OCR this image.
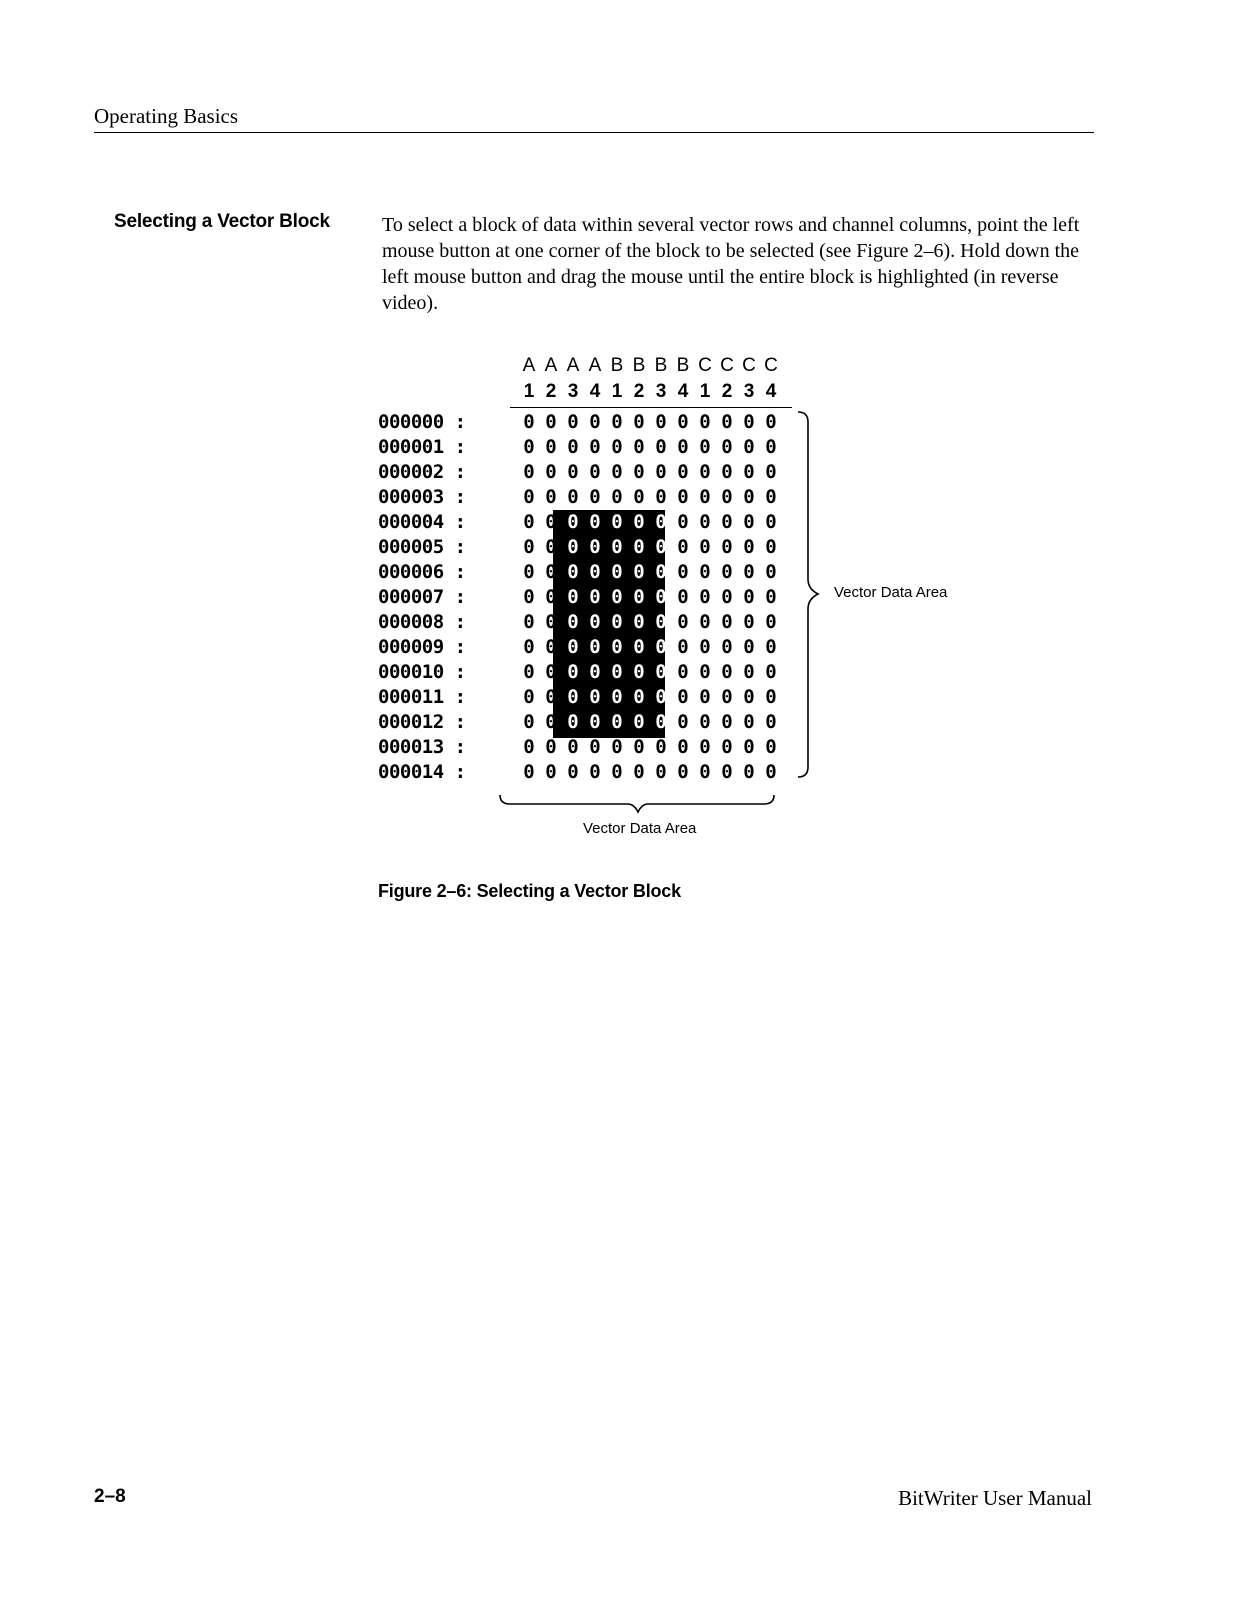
Operating Basics
Selecting a Vector Block	To select a block of data within several vector rows and channel columns, point the left mouse button at one corner of the block to be selected (see Figure 2–6). Hold down the left mouse button and drag the mouse until the entire block is highlighted (in reverse video).
A A A A B B B B C C C C
1 2 3 4 1 2 3 4 1 2 3 4
000000 :
000001 :
000002 :
000003 :
000004 :
000005 :
000006 :
000007 :
000008 :
000009 :
000010 :
000011 :
000012 :
000013 :
000014 :
0 0 0 0 0 0 0 0 0 0 0 0
0 0 0 0 0 0 0 0 0 0 0 0
0 0 0 0 0 0 0 0 0 0 0 0
0 0 0 0 0 0 0 0 0 0 0 0
0 0 0 0 0 0 0 0 0 0 0 0
0 0 0 0 0 0 0 0 0 0 0 0
0 0 0 0 0 0 0 0 0 0 0 0
0 0 0 0 0 0 0 0 0 0 0 0
0 0 0 0 0 0 0 0 0 0 0 0
0 0 0 0 0 0 0 0 0 0 0 0
0 0 0 0 0 0 0 0 0 0 0 0
0 0 0 0 0 0 0 0 0 0 0 0
0 0 0 0 0 0 0 0 0 0 0 0
0 0 0 0 0 0 0 0 0 0 0 0
0 0 0 0 0 0 0 0 0 0 0 0
Vector Data Area
Vector Data Area
Figure 2–6: Selecting a Vector Block
2–8	BitWriter User Manual
